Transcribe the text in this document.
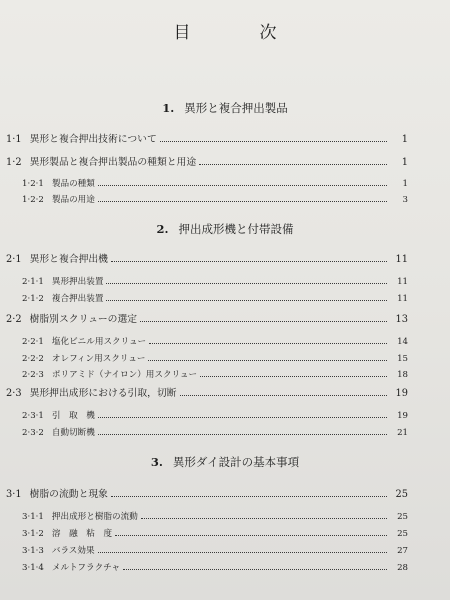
目　次
1. 異形と複合押出製品
1·1 異形と複合押出技術について	1
1·2 異形製品と複合押出製品の種類と用途	1
1·2·1 製品の種類	1
1·2·2 製品の用途	3
2. 押出成形機と付帯設備
2·1 異形と複合押出機	11
2·1·1 異形押出装置	11
2·1·2 複合押出装置	11
2·2 樹脂別スクリューの選定	13
2·2·1 塩化ビニル用スクリュー	14
2·2·2 オレフィン用スクリュー	15
2·2·3 ポリアミド（ナイロン）用スクリュー	18
2·3 異形押出成形における引取，切断	19
2·3·1 引　取　機	19
2·3·2 自動切断機	21
3. 異形ダイ設計の基本事項
3·1 樹脂の流動と現象	25
3·1·1 押出成形と樹脂の流動	25
3·1·2 溶　融　粘　度	25
3·1·3 バラス効果	27
3·1·4 メルトフラクチャ	28
